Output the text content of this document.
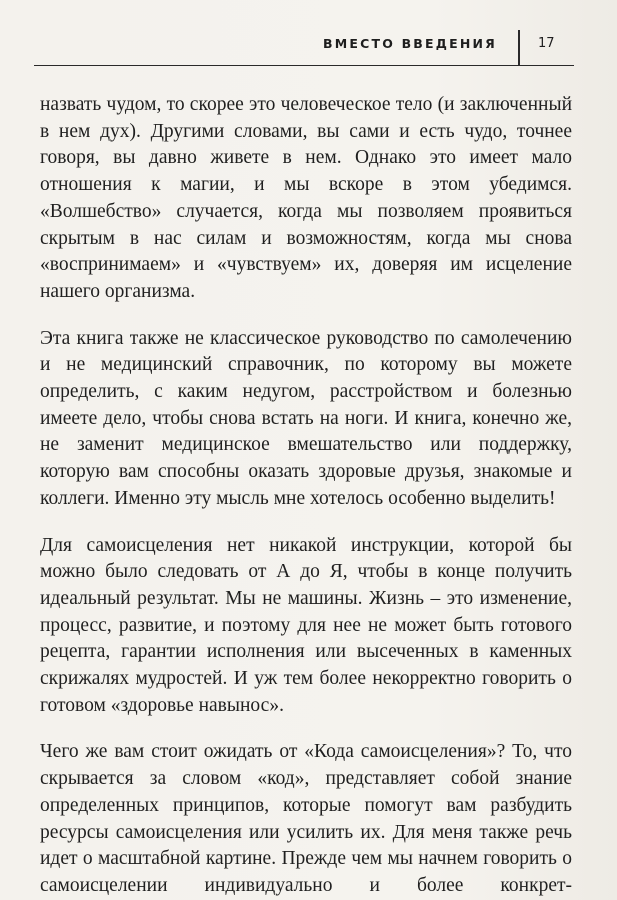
ВМЕСТО ВВЕДЕНИЯ	17

назвать чудом, то скорее это человеческое тело (и заключенный в нем дух). Другими словами, вы сами и есть чудо, точнее говоря, вы давно живете в нем. Однако это имеет мало отношения к магии, и мы вскоре в этом убедимся. «Волшебство» случается, когда мы позволяем проявиться скрытым в нас силам и возможностям, когда мы снова «воспринимаем» и «чувствуем» их, доверяя им исцеление нашего организма.

Эта книга также не классическое руководство по самолечению и не медицинский справочник, по которому вы можете определить, с каким недугом, расстройством и болезнью имеете дело, чтобы снова встать на ноги. И книга, конечно же, не заменит медицинское вмешательство или поддержку, которую вам способны оказать здоровые друзья, знакомые и коллеги. Именно эту мысль мне хотелось особенно выделить!

Для самоисцеления нет никакой инструкции, которой бы можно было следовать от А до Я, чтобы в конце получить идеальный результат. Мы не машины. Жизнь – это изменение, процесс, развитие, и поэтому для нее не может быть готового рецепта, гарантии исполнения или высеченных в каменных скрижалях мудростей. И уж тем более некорректно говорить о готовом «здоровье навынос».

Чего же вам стоит ожидать от «Кода самоисцеления»? То, что скрывается за словом «код», представляет собой знание определенных принципов, которые помогут вам разбудить ресурсы самоисцеления или усилить их. Для меня также речь идет о масштабной картине. Прежде чем мы начнем говорить о самоисцелении индивидуально и более конкрет-
